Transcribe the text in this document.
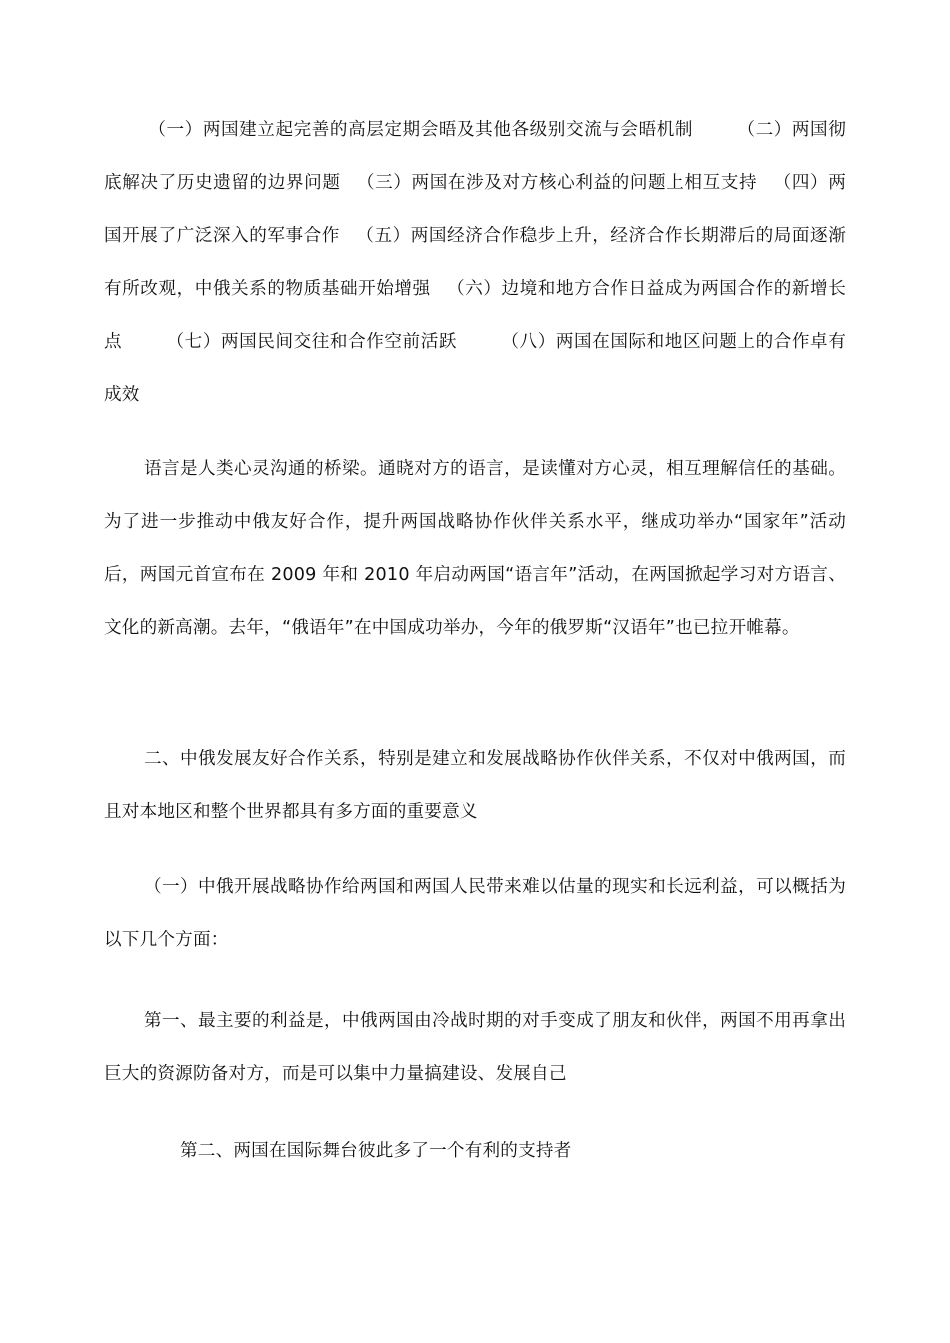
（一）两国建立起完善的高层定期会晤及其他各级别交流与会晤机制	（二）两国彻底解决了历史遗留的边界问题 （三）两国在涉及对方核心利益的问题上相互支持 （四）两国开展了广泛深入的军事合作 （五）两国经济合作稳步上升，经济合作长期滞后的局面逐渐有所改观，中俄关系的物质基础开始增强 （六）边境和地方合作日益成为两国合作的新增长点	（七）两国民间交往和合作空前活跃	（八）两国在国际和地区问题上的合作卓有成效

语言是人类心灵沟通的桥梁。通晓对方的语言，是读懂对方心灵，相互理解信任的基础。为了进一步推动中俄友好合作，提升两国战略协作伙伴关系水平，继成功举办“国家年”活动后，两国元首宣布在 2009 年和 2010 年启动两国“语言年”活动，在两国掀起学习对方语言、文化的新高潮。去年，“俄语年”在中国成功举办，今年的俄罗斯“汉语年”也已拉开帷幕。

二、中俄发展友好合作关系，特别是建立和发展战略协作伙伴关系，不仅对中俄两国，而且对本地区和整个世界都具有多方面的重要意义

（一）中俄开展战略协作给两国和两国人民带来难以估量的现实和长远利益，可以概括为以下几个方面：

第一、最主要的利益是，中俄两国由冷战时期的对手变成了朋友和伙伴，两国不用再拿出巨大的资源防备对方，而是可以集中力量搞建设、发展自己

第二、两国在国际舞台彼此多了一个有利的支持者
